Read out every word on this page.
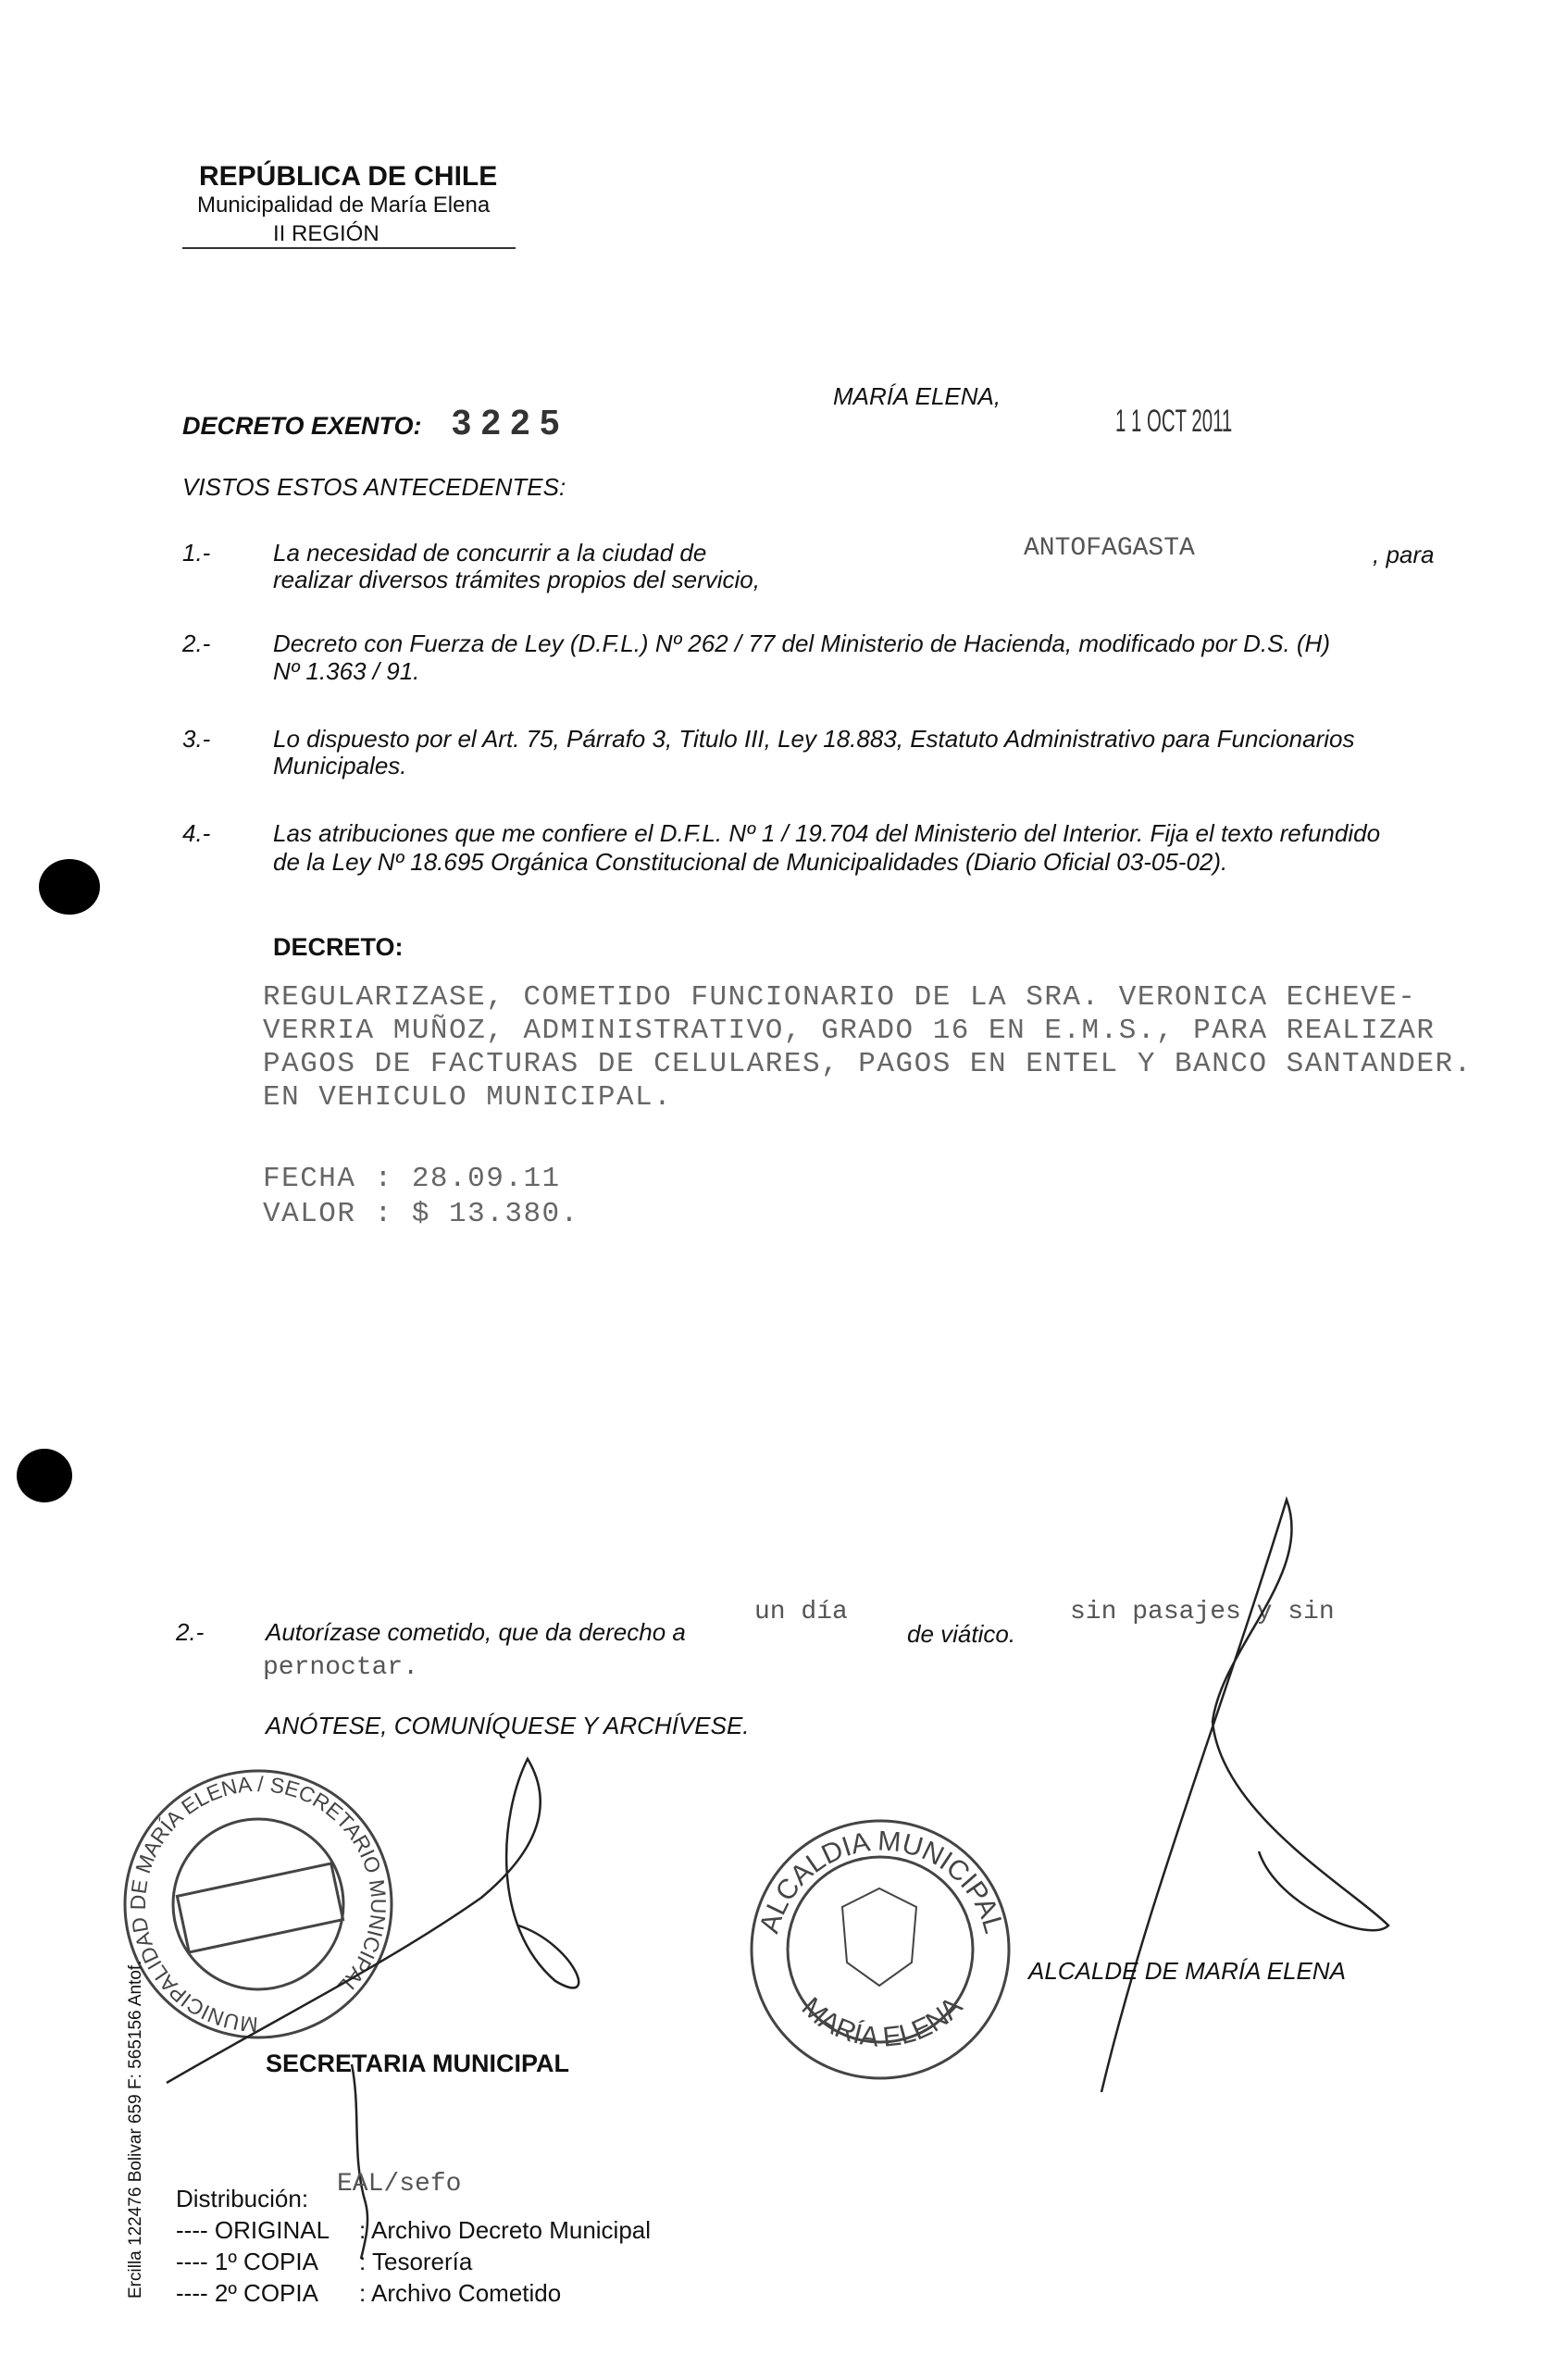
REPÚBLICA DE CHILE
Municipalidad de María Elena
II REGIÓN
DECRETO EXENTO: 3 2 2 5
MARÍA ELENA,
1 1 OCT 2011
VISTOS ESTOS ANTECEDENTES:
1.-	La necesidad de concurrir a la ciudad de	ANTOFAGASTA	, para
realizar diversos trámites propios del servicio,
2.-	Decreto con Fuerza de Ley (D.F.L.) Nº 262 / 77 del Ministerio de Hacienda, modificado por D.S. (H)
Nº 1.363 / 91.
3.-	Lo dispuesto por el Art. 75, Párrafo 3, Titulo III, Ley 18.883, Estatuto Administrativo para Funcionarios
Municipales.
4.-	Las atribuciones que me confiere el D.F.L. Nº 1 / 19.704 del Ministerio del Interior. Fija el texto refundido
de la Ley Nº 18.695 Orgánica Constitucional de Municipalidades (Diario Oficial 03-05-02).
DECRETO:
REGULARIZASE, COMETIDO FUNCIONARIO DE LA SRA. VERONICA ECHEVE-
VERRIA MUÑOZ, ADMINISTRATIVO, GRADO 16 EN E.M.S., PARA REALIZAR
PAGOS DE FACTURAS DE CELULARES, PAGOS EN ENTEL Y BANCO SANTANDER.
EN VEHICULO MUNICIPAL.
FECHA : 28.09.11
VALOR : $ 13.380.
2.-	Autorízase cometido, que da derecho a
un día
de viático.
sin pasajes y sin
pernoctar.
ANÓTESE, COMUNÍQUESE Y ARCHÍVESE.
MUNICIPALIDAD DE MARÍA ELENA / SECRETARIO MUNICIPAL
ALCALDIA MUNICIPAL
MARÍA ELENA
SECRETARIA MUNICIPAL
ALCALDE DE MARÍA ELENA
Distribución: EAL/sefo
---- ORIGINAL : Archivo Decreto Municipal
---- 1º COPIA : Tesorería
---- 2º COPIA : Archivo Cometido
Ercilla 122476 Bolivar 659 F: 565156 Antof.
